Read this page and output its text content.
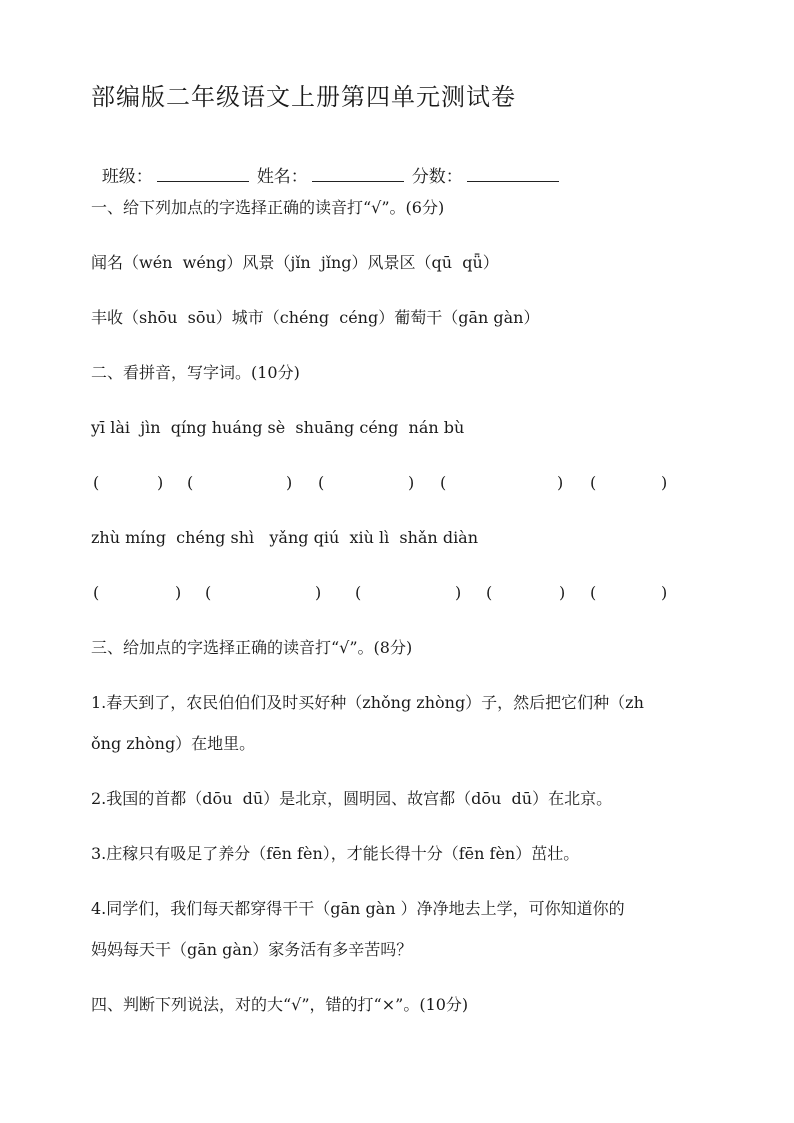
部编版二年级语文上册第四单元测试卷

班级：	姓名：	分数：

一、给下列加点的字选择正确的读音打“√”。(6分)
闻名（wén  wéng）风景（jǐn  jǐng）风景区（qū  qǖ）
丰收（shōu  sōu）城市（chéng  céng）葡萄干（gān gàn）
二、看拼音，写字词。(10分)
yī lài  jìn  qíng huáng sè  shuāng céng  nán bù
(	) (	) (	) (	) (	)
zhù míng  chéng shì   yǎng qiú  xiù lì  shǎn diàn
(	) (	) (	) (	) (	)
三、给加点的字选择正确的读音打“√”。(8分)
1.春天到了，农民伯伯们及时买好种（zhǒng zhòng）子，然后把它们种（zh
ǒng zhòng）在地里。
2.我国的首都（dōu  dū）是北京，圆明园、故宫都（dōu  dū）在北京。
3.庄稼只有吸足了养分（fēn fèn），才能长得十分（fēn fèn）茁壮。
4.同学们，我们每天都穿得干干（gān gàn ）净净地去上学，可你知道你的
妈妈每天干（gān gàn）家务活有多辛苦吗？
四、判断下列说法，对的大“√”，错的打“×”。(10分)
